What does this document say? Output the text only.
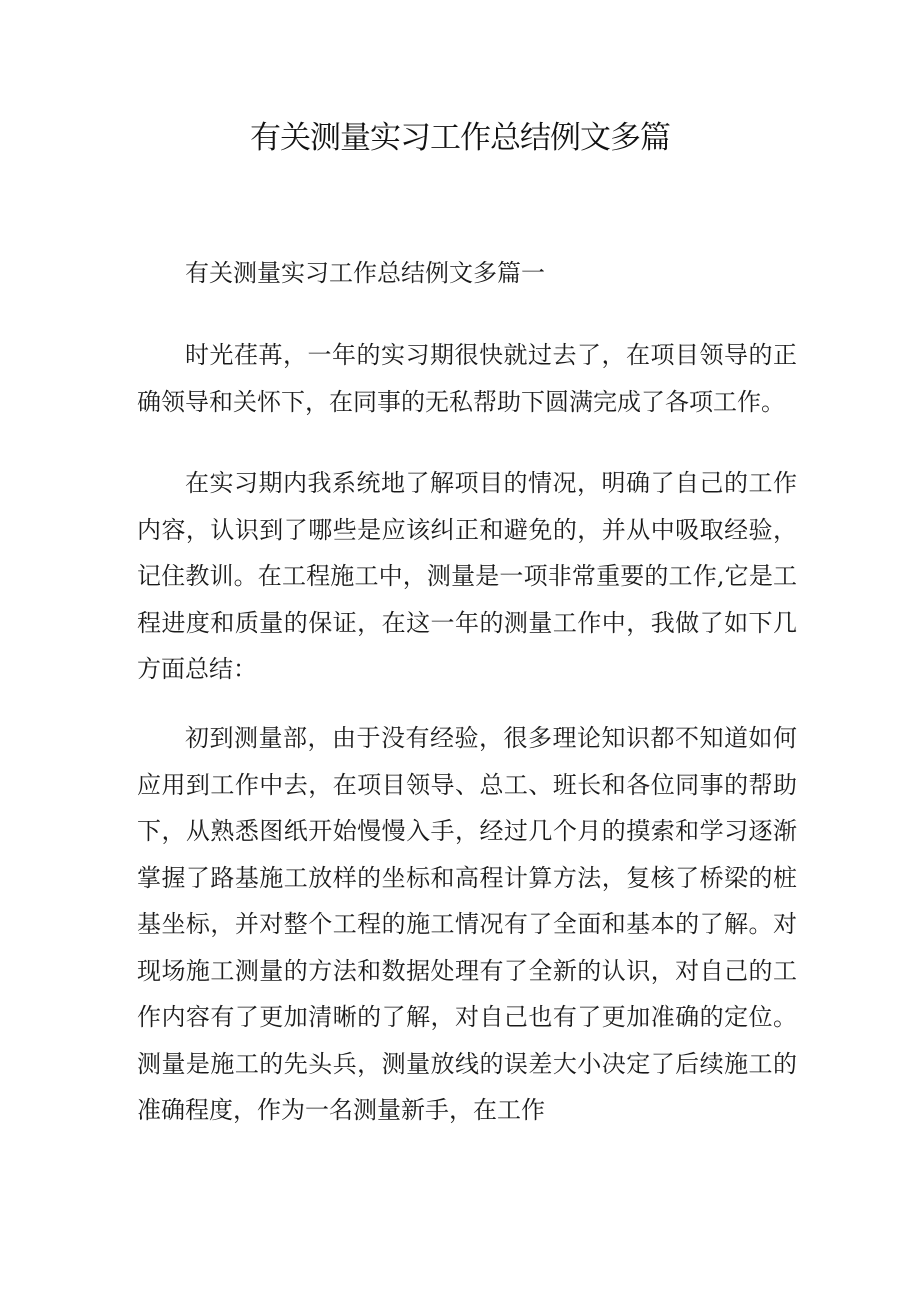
有关测量实习工作总结例文多篇

有关测量实习工作总结例文多篇一

时光荏苒，一年的实习期很快就过去了，在项目领导的正确领导和关怀下，在同事的无私帮助下圆满完成了各项工作。

在实习期内我系统地了解项目的情况，明确了自己的工作内容，认识到了哪些是应该纠正和避免的，并从中吸取经验，记住教训。在工程施工中，测量是一项非常重要的工作,它是工程进度和质量的保证，在这一年的测量工作中，我做了如下几方面总结：

初到测量部，由于没有经验，很多理论知识都不知道如何应用到工作中去，在项目领导、总工、班长和各位同事的帮助下，从熟悉图纸开始慢慢入手，经过几个月的摸索和学习逐渐掌握了路基施工放样的坐标和高程计算方法，复核了桥梁的桩基坐标，并对整个工程的施工情况有了全面和基本的了解。对现场施工测量的方法和数据处理有了全新的认识，对自己的工作内容有了更加清晰的了解，对自己也有了更加准确的定位。测量是施工的先头兵，测量放线的误差大小决定了后续施工的准确程度，作为一名测量新手，在工作
